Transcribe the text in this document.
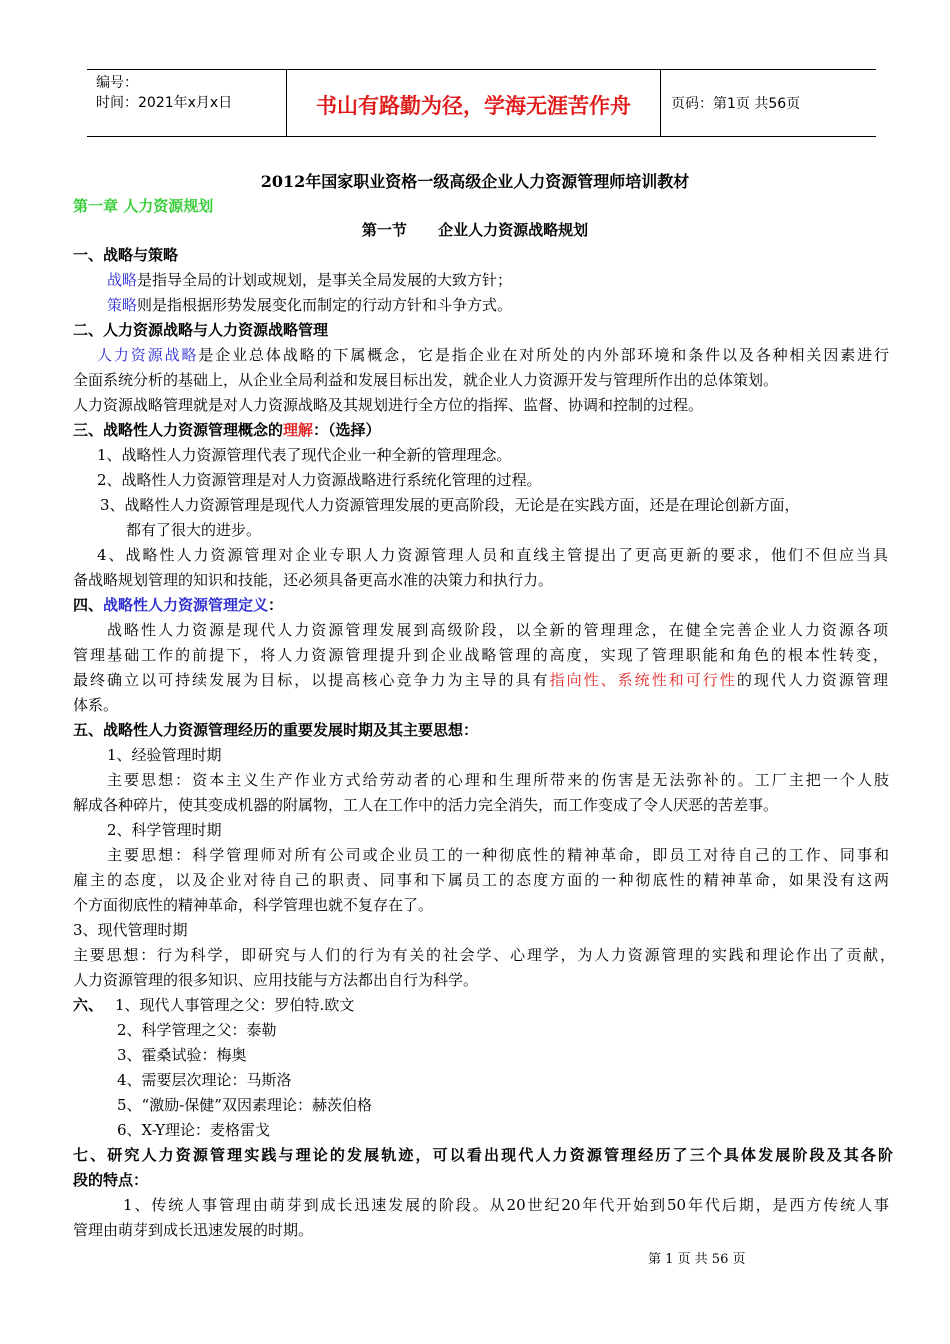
编号：
时间：2021年x月x日	书山有路勤为径，学海无涯苦作舟	页码：第1页 共56页
2012年国家职业资格一级高级企业人力资源管理师培训教材
第一章 人力资源规划
第一节      企业人力资源战略规划
一、战略与策略
战略是指导全局的计划或规划，是事关全局发展的大致方针；
策略则是指根据形势发展变化而制定的行动方针和斗争方式。
二、人力资源战略与人力资源战略管理
人力资源战略是企业总体战略的下属概念，它是指企业在对所处的内外部环境和条件以及各种相关因素进行
全面系统分析的基础上，从企业全局利益和发展目标出发，就企业人力资源开发与管理所作出的总体策划。
人力资源战略管理就是对人力资源战略及其规划进行全方位的指挥、监督、协调和控制的过程。
三、战略性人力资源管理概念的理解：（选择）
1、战略性人力资源管理代表了现代企业一种全新的管理理念。
2、战略性人力资源管理是对人力资源战略进行系统化管理的过程。
3、战略性人力资源管理是现代人力资源管理发展的更高阶段，无论是在实践方面，还是在理论创新方面，
都有了很大的进步。
4、战略性人力资源管理对企业专职人力资源管理人员和直线主管提出了更高更新的要求，他们不但应当具
备战略规划管理的知识和技能，还必须具备更高水准的决策力和执行力。
四、战略性人力资源管理定义：
战略性人力资源是现代人力资源管理发展到高级阶段，以全新的管理理念，在健全完善企业人力资源各项
管理基础工作的前提下，将人力资源管理提升到企业战略管理的高度，实现了管理职能和角色的根本性转变，
最终确立以可持续发展为目标，以提高核心竞争力为主导的具有指向性、系统性和可行性的现代人力资源管理
体系。
五、战略性人力资源管理经历的重要发展时期及其主要思想：
1、经验管理时期
主要思想：资本主义生产作业方式给劳动者的心理和生理所带来的伤害是无法弥补的。工厂主把一个人肢
解成各种碎片，使其变成机器的附属物，工人在工作中的活力完全消失，而工作变成了令人厌恶的苦差事。
2、科学管理时期
主要思想：科学管理师对所有公司或企业员工的一种彻底性的精神革命，即员工对待自己的工作、同事和
雇主的态度，以及企业对待自己的职责、同事和下属员工的态度方面的一种彻底性的精神革命，如果没有这两
个方面彻底性的精神革命，科学管理也就不复存在了。
3、现代管理时期
主要思想：行为科学，即研究与人们的行为有关的社会学、心理学，为人力资源管理的实践和理论作出了贡献，
人力资源管理的很多知识、应用技能与方法都出自行为科学。
六、 1、现代人事管理之父：罗伯特.欧文
2、科学管理之父：泰勒
3、霍桑试验：梅奥
4、需要层次理论：马斯洛
5、“激励-保健”双因素理论：赫茨伯格
6、X-Y理论：麦格雷戈
七、研究人力资源管理实践与理论的发展轨迹，可以看出现代人力资源管理经历了三个具体发展阶段及其各阶
段的特点：
1、传统人事管理由萌芽到成长迅速发展的阶段。从20世纪20年代开始到50年代后期，是西方传统人事
管理由萌芽到成长迅速发展的时期。
第 1 页 共 56 页
